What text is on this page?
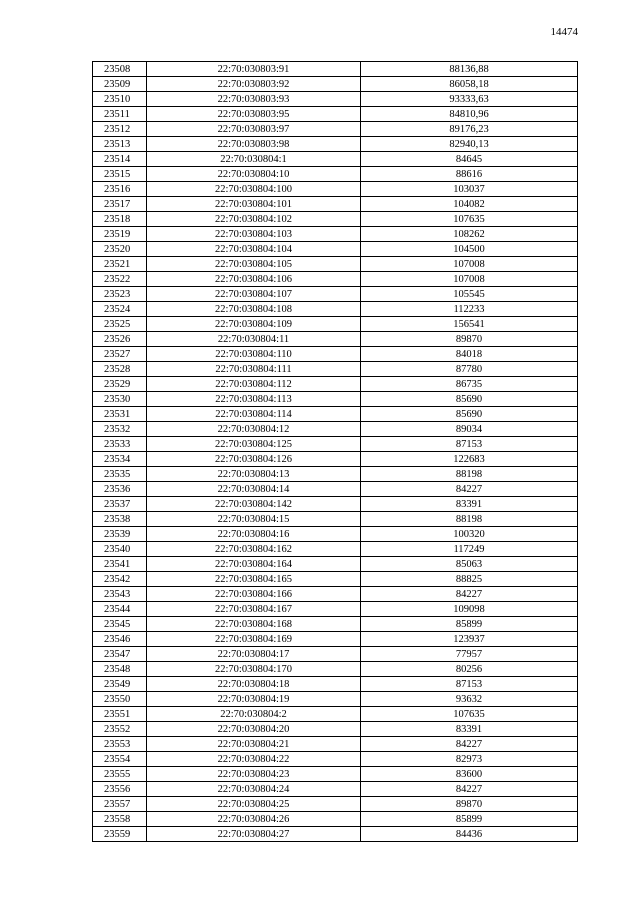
14474
23508	22:70:030803:91	88136,88
23509	22:70:030803:92	86058,18
23510	22:70:030803:93	93333,63
23511	22:70:030803:95	84810,96
23512	22:70:030803:97	89176,23
23513	22:70:030803:98	82940,13
23514	22:70:030804:1	84645
23515	22:70:030804:10	88616
23516	22:70:030804:100	103037
23517	22:70:030804:101	104082
23518	22:70:030804:102	107635
23519	22:70:030804:103	108262
23520	22:70:030804:104	104500
23521	22:70:030804:105	107008
23522	22:70:030804:106	107008
23523	22:70:030804:107	105545
23524	22:70:030804:108	112233
23525	22:70:030804:109	156541
23526	22:70:030804:11	89870
23527	22:70:030804:110	84018
23528	22:70:030804:111	87780
23529	22:70:030804:112	86735
23530	22:70:030804:113	85690
23531	22:70:030804:114	85690
23532	22:70:030804:12	89034
23533	22:70:030804:125	87153
23534	22:70:030804:126	122683
23535	22:70:030804:13	88198
23536	22:70:030804:14	84227
23537	22:70:030804:142	83391
23538	22:70:030804:15	88198
23539	22:70:030804:16	100320
23540	22:70:030804:162	117249
23541	22:70:030804:164	85063
23542	22:70:030804:165	88825
23543	22:70:030804:166	84227
23544	22:70:030804:167	109098
23545	22:70:030804:168	85899
23546	22:70:030804:169	123937
23547	22:70:030804:17	77957
23548	22:70:030804:170	80256
23549	22:70:030804:18	87153
23550	22:70:030804:19	93632
23551	22:70:030804:2	107635
23552	22:70:030804:20	83391
23553	22:70:030804:21	84227
23554	22:70:030804:22	82973
23555	22:70:030804:23	83600
23556	22:70:030804:24	84227
23557	22:70:030804:25	89870
23558	22:70:030804:26	85899
23559	22:70:030804:27	84436
